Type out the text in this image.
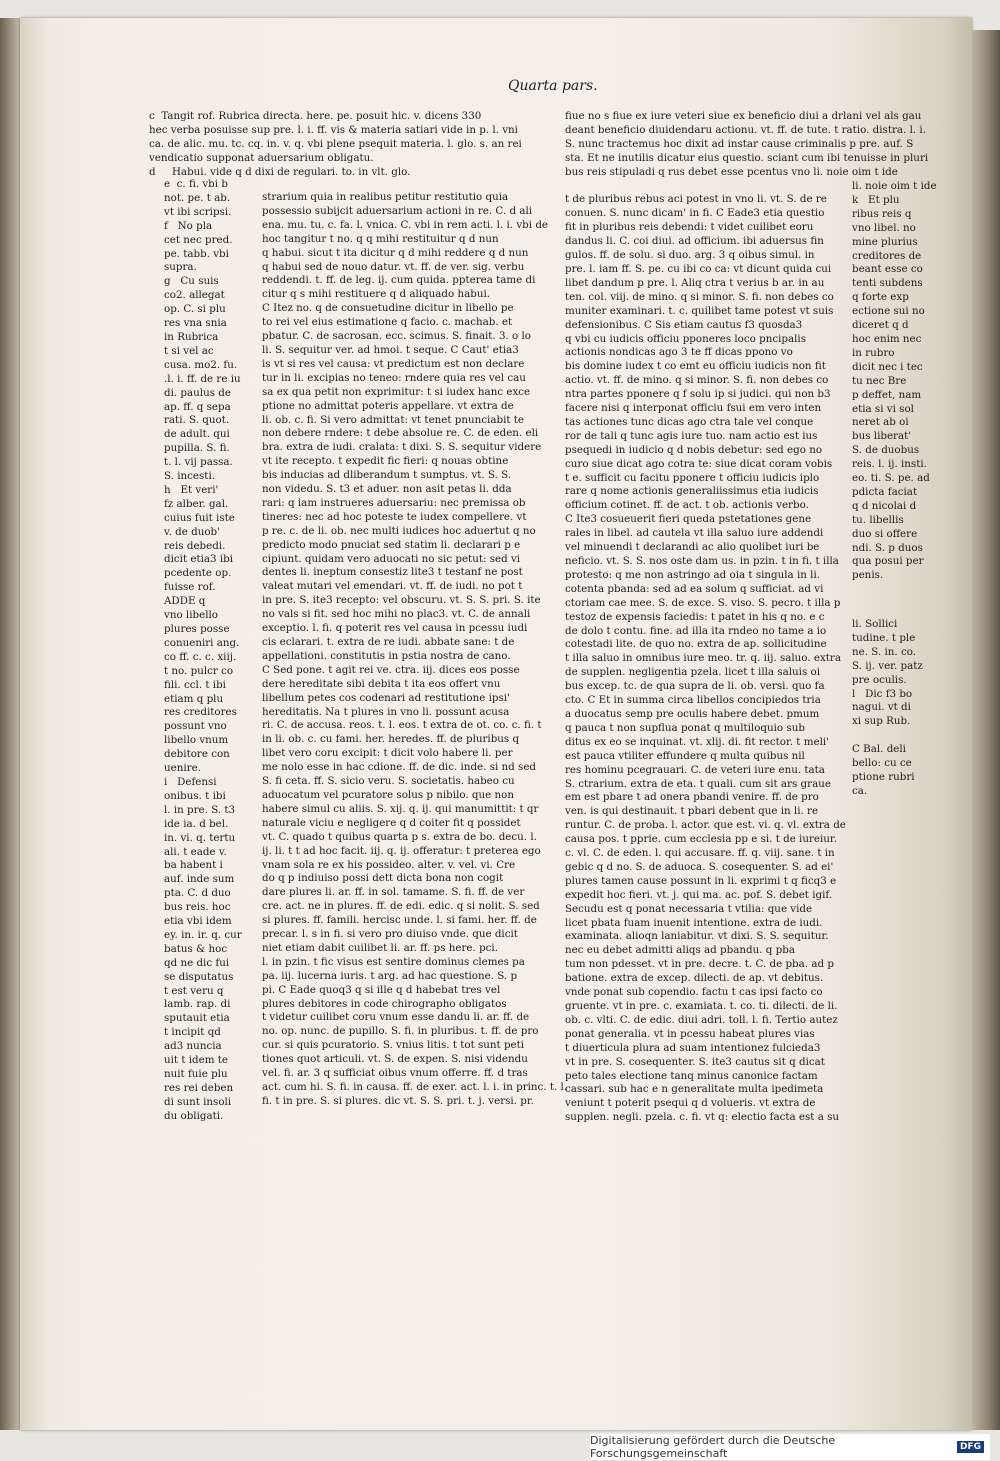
Quarta pars.

c  Tangit rof. Rubrica directa. here. pe. posuit hic. v. dicens 330

hec verba posuisse sup pre. l. i. ff. vis & materia satiari vide in p. l. vni

ca. de alic. mu. tc. cq. in. v. q. vbi plene psequit materia. l. glo. s. an rei

vendicatio supponat aduersarium obligatu.

d     Habui. vide q d dixi de regulari. to. in vlt. glo.

e  c. fi. vbi b

not. pe. t ab.

vt ibi scripsi.

f   No pla

cet nec pred.

pe. tabb. vbi

supra.

g   Cu suis

co2. allegat

op. C. si plu

res vna snia

in Rubrica

t si vel ac

cusa. mo2. fu.

.l. i. ff. de re iu

di. paulus de

ap. ff. q sepa

rati. S. quot.

de adult. qui

pupilla. S. fi.

t. l. vij passa.

S. incesti.

h   Et veri'

fz alber. gal.

cuius fuit iste

v. de duob'

reis debedi.

dicit etia3 ibi

pcedente op.

fuisse rof.

ADDE q

vno libello

plures posse

conueniri ang.

co ff. c. c. xiij.

t no. pulcr co

fili. ccl. t ibi

etiam q plu

res creditores

possunt vno

libello vnum

debitore con

uenire.

i   Defensi

onibus. t ibi

l. in pre. S. t3

ide ia. d bel.

in. vi. q. tertu

ali. t eade v.

ba habent i

auf. inde sum

pta. C. d duo

bus reis. hoc

etia vbi idem

ey. in. ir. q. cur

batus & hoc

qd ne dic fui

se disputatus

t est veru q

lamb. rap. di

sputauit etia

t incipit qd

ad3 nuncia

uit t idem te

nuit fuie plu

res rei deben

di sunt insoli

du obligati.

strarium quia in realibus petitur restitutio quia

possessio subijcit aduersarium actioni in re. C. d ali

ena. mu. tu. c. fa. l. vnica. C. vbi in rem acti. l. i. vbi de

hoc tangitur t no. q q mihi restituitur q d nun

q habui. sicut t ita dicitur q d mihi reddere q d nun

q habui sed de nouo datur. vt. ff. de ver. sig. verbu

reddendi. t. ff. de leg. ij. cum quida. ppterea tame di

citur q s mihi restituere q d aliquado habui.

C Itez no. q de consuetudine dicitur in libello pe

to rei vel eius estimatione q facio. c. machab. et

pbatur. C. de sacrosan. ecc. scimus. S. finait. 3. o lo

li. S. sequitur ver. ad hmoi. t seque. C Caut' etia3

is vt si res vel causa: vt predictum est non declare

tur in li. excipias no teneo: rndere quia res vel cau

sa ex qua petit non exprimitur: t si iudex hanc exce

ptione no admittat poteris appellare. vt extra de

li. ob. c. fi. Si vero admittat: vt tenet pnunciabit te

non debere rndere: t debe absolue re. C. de eden. eli

bra. extra de iudi. cralata: t dixi. S. S. sequitur videre

vt ite recepto. t expedit fic fieri: q nouas obtine

bis inducias ad dliberandum t sumptus. vt. S. S.

non videdu. S. t3 et aduer. non asit petas li. dda

rari: q iam instrueres aduersariu: nec premissa ob

tineres: nec ad hoc poteste te iudex compellere. vt

p re. c. de li. ob. nec multi iudices hoc aduertut q no

predicto modo pnuciat sed statim li. declarari p e

cipiunt. quidam vero aduocati no sic petut: sed vi

dentes li. ineptum consestiz lite3 t testanf ne post

valeat mutari vel emendari. vt. ff. de iudi. no pot t

in pre. S. ite3 recepto: vel obscuru. vt. S. S. pri. S. ite

no vals si fit. sed hoc mihi no plac3. vt. C. de annali

exceptio. l. fi. q poterit res vel causa in pcessu iudi

cis eclarari. t. extra de re iudi. abbate sane: t de

appellationi. constitutis in pstia nostra de cano.

C Sed pone. t agit rei ve. ctra. iij. dices eos posse

dere hereditate sibi debita t ita eos offert vnu

libellum petes cos codenari ad restitutione ipsi'

hereditatis. Na t plures in vno li. possunt acusa

ri. C. de accusa. reos. t. l. eos. t extra de ot. co. c. fi. t

in li. ob. c. cu fami. her. heredes. ff. de pluribus q

libet vero coru excipit: t dicit volo habere li. per

me nolo esse in hac cdione. ff. de dic. inde. si nd sed

S. fi ceta. ff. S. sicio veru. S. societatis. habeo cu

aduocatum vel pcuratore solus p nibilo. que non

habere simul cu aliis. S. xij. q. ij. qui manumittit: t qr

naturale viciu e negligere q d coiter fit q possidet

vt. C. quado t quibus quarta p s. extra de bo. decu. l.

ij. li. t t ad hoc facit. iij. q. ij. offeratur: t preterea ego

vnam sola re ex his possideo. alter. v. vel. vi. Cre

do q p indiuiso possi dett dicta bona non cogit

dare plures li. ar. ff. in sol. tamame. S. fi. ff. de ver

cre. act. ne in plures. ff. de edi. edic. q si nolit. S. sed

si plures. ff. famili. hercisc unde. l. si fami. her. ff. de

precar. l. s in fi. si vero pro diuiso vnde. que dicit

niet etiam dabit cuilibet li. ar. ff. ps here. pci.

l. in pzin. t fic visus est sentire dominus clemes pa

pa. iij. lucerna iuris. t arg. ad hac questione. S. p

pi. C Eade quoq3 q si ille q d habebat tres vel

plures debitores in code chirographo obligatos

t videtur cuilibet coru vnum esse dandu li. ar. ff. de

no. op. nunc. de pupillo. S. fi. in pluribus. t. ff. de pro

cur. si quis pcuratorio. S. vnius litis. t tot sunt peti

tiones quot articuli. vt. S. de expen. S. nisi videndu

vel. fi. ar. 3 q sufficiat oibus vnum offerre. ff. d tras

act. cum hi. S. fi. in causa. ff. de exer. act. l. i. in princ. t. l.

fi. t in pre. S. si plures. dic vt. S. S. pri. t. j. versi. pr.

fiue no s fiue ex iure veteri siue ex beneficio diui a drlani vel als gau

deant beneficio diuidendaru actionu. vt. ff. de tute. t ratio. distra. l. i.

S. nunc tractemus hoc dixit ad instar cause criminalis p pre. auf. S

sta. Et ne inutilis dicatur eius questio. sciant cum ibi tenuisse in pluri

bus reis stipuladi q rus debet esse pcentus vno li. noie oim t ide

t de pluribus rebus aci potest in vno li. vt. S. de re

conuen. S. nunc dicam' in fi. C Eade3 etia questio

fit in pluribus reis debendi: t videt cuilibet eoru

dandus li. C. coi diui. ad officium. ibi aduersus fin

gulos. ff. de solu. si duo. arg. 3 q oibus simul. in

pre. l. iam ff. S. pe. cu ibi co ca: vt dicunt quida cui

libet dandum p pre. l. Aliq ctra t verius b ar. in au

ten. col. viij. de mino. q si minor. S. fi. non debes co

muniter examinari. t. c. quilibet tame potest vt suis

defensionibus. C Sis etiam cautus f3 quosda3

q vbi cu iudicis officiu pponeres loco pncipalis

actionis nondicas ago 3 te ff dicas ppono vo

bis domine iudex t co emt eu officiu iudicis non fit

actio. vt. ff. de mino. q si minor. S. fi. non debes co

ntra partes pponere q f solu ip si judici. qui non b3

facere nisi q interponat officiu fsui em vero inten

tas actiones tunc dicas ago ctra tale vel conque

ror de tali q tunc agis iure tuo. nam actio est ius

psequedi in iudicio q d nobis debetur: sed ego no

curo siue dicat ago cotra te: siue dicat coram vobis

t e. sufficit cu facitu pponere t officiu iudicis iplo

rare q nome actionis generaliissimus etia iudicis

officium cotinet. ff. de act. t ob. actionis verbo.

C Ite3 cosueuerit fieri queda pstetationes gene

rales in libel. ad cautela vt illa saluo iure addendi

vel minuendi t declarandi ac alio quolibet iuri be

neficio. vt. S. S. nos oste dam us. in pzin. t in fi. t illa

protesto: q me non astringo ad oia t singula in li.

cotenta pbanda: sed ad ea solum q sufficiat. ad vi

ctoriam cae mee. S. de exce. S. viso. S. pecro. t illa p

testoz de expensis faciedis: t patet in his q no. e c

de dolo t contu. fine. ad illa ita rndeo no tame a io

cotestadi lite. de quo no. extra de ap. sollicitudine

t illa saluo in omnibus iure meo. tr. q. iij. saluo. extra

de supplen. negligentia pzela. licet t illa saluis oi

bus excep. tc. de qua supra de li. ob. versi. quo fa

cto. C Et in summa circa libellos concipiedos tria

a duocatus semp pre oculis habere debet. pmum

q pauca t non supflua ponat q multiloquio sub

ditus ex eo se inquinat. vt. xlij. di. fit rector. t meli'

est pauca vtiliter effundere q multa quibus nil

res hominu pcegrauari. C. de veteri iure enu. tata

S. ctrarium. extra de eta. t quali. cum sit ars graue

em est pbare t ad onera pbandi venire. ff. de pro

ven. is qui destinauit. t pbari debent que in li. re

runtur. C. de proba. l. actor. que est. vi. q. vl. extra de

causa pos. t pprie. cum ecclesia pp e si. t de iureiur.

c. vl. C. de eden. l. qui accusare. ff. q. viij. sane. t in

gebic q d no. S. de aduoca. S. cosequenter. S. ad ei'

plures tamen cause possunt in li. exprimi t q ficq3 e

expedit hoc fieri. vt. j. qui ma. ac. pof. S. debet igif.

Secudu est q ponat necessaria t vtilia: que vide

licet pbata fuam inuenit intentione. extra de iudi.

examinata. alioqn laniabitur. vt dixi. S. S. sequitur.

nec eu debet admitti aliqs ad pbandu. q pba

tum non pdesset. vt in pre. decre. t. C. de pba. ad p

batione. extra de excep. dilecti. de ap. vt debitus.

vnde ponat sub copendio. factu t cas ipsi facto co

gruente. vt in pre. c. examiata. t. co. ti. dilecti. de li.

ob. c. vlti. C. de edic. diui adri. toll. l. fi. Tertio autez

ponat generalia. vt in pcessu habeat plures vias

t diuerticula plura ad suam intentionez fulcieda3

vt in pre. S. cosequenter. S. ite3 cautus sit q dicat

peto tales electione tanq minus canonice factam

cassari. sub hac e n generalitate multa ipedimeta

veniunt t poterit psequi q d volueris. vt extra de

supplen. negli. pzela. c. fi. vt q: electio facta est a su

li. noie oim t ide

k   Et plu

ribus reis q

vno libel. no

mine plurius

creditores de

beant esse co

tenti subdens

q forte exp

ectione sui no

diceret q d

hoc enim nec

in rubro

dicit nec i tec

tu nec Bre

p deffet, nam

etia si vi sol

neret ab oi

bus liberat'

S. de duobus

reis. l. ij. insti.

eo. ti. S. pe. ad

pdicta faciat

q d nicolai d

tu. libellis

duo si offere

ndi. S. p duos

qua posui per

penis.

li. Sollici

tudine. t ple

ne. S. in. co.

S. ij. ver. patz

pre oculis.

l   Dic f3 bo

nagui. vt di

xi sup Rub.

C Bal. deli

bello: cu ce

ptione rubri

ca.

Digitalisierung gefördert durch die Deutsche Forschungsgemeinschaft	DFG
